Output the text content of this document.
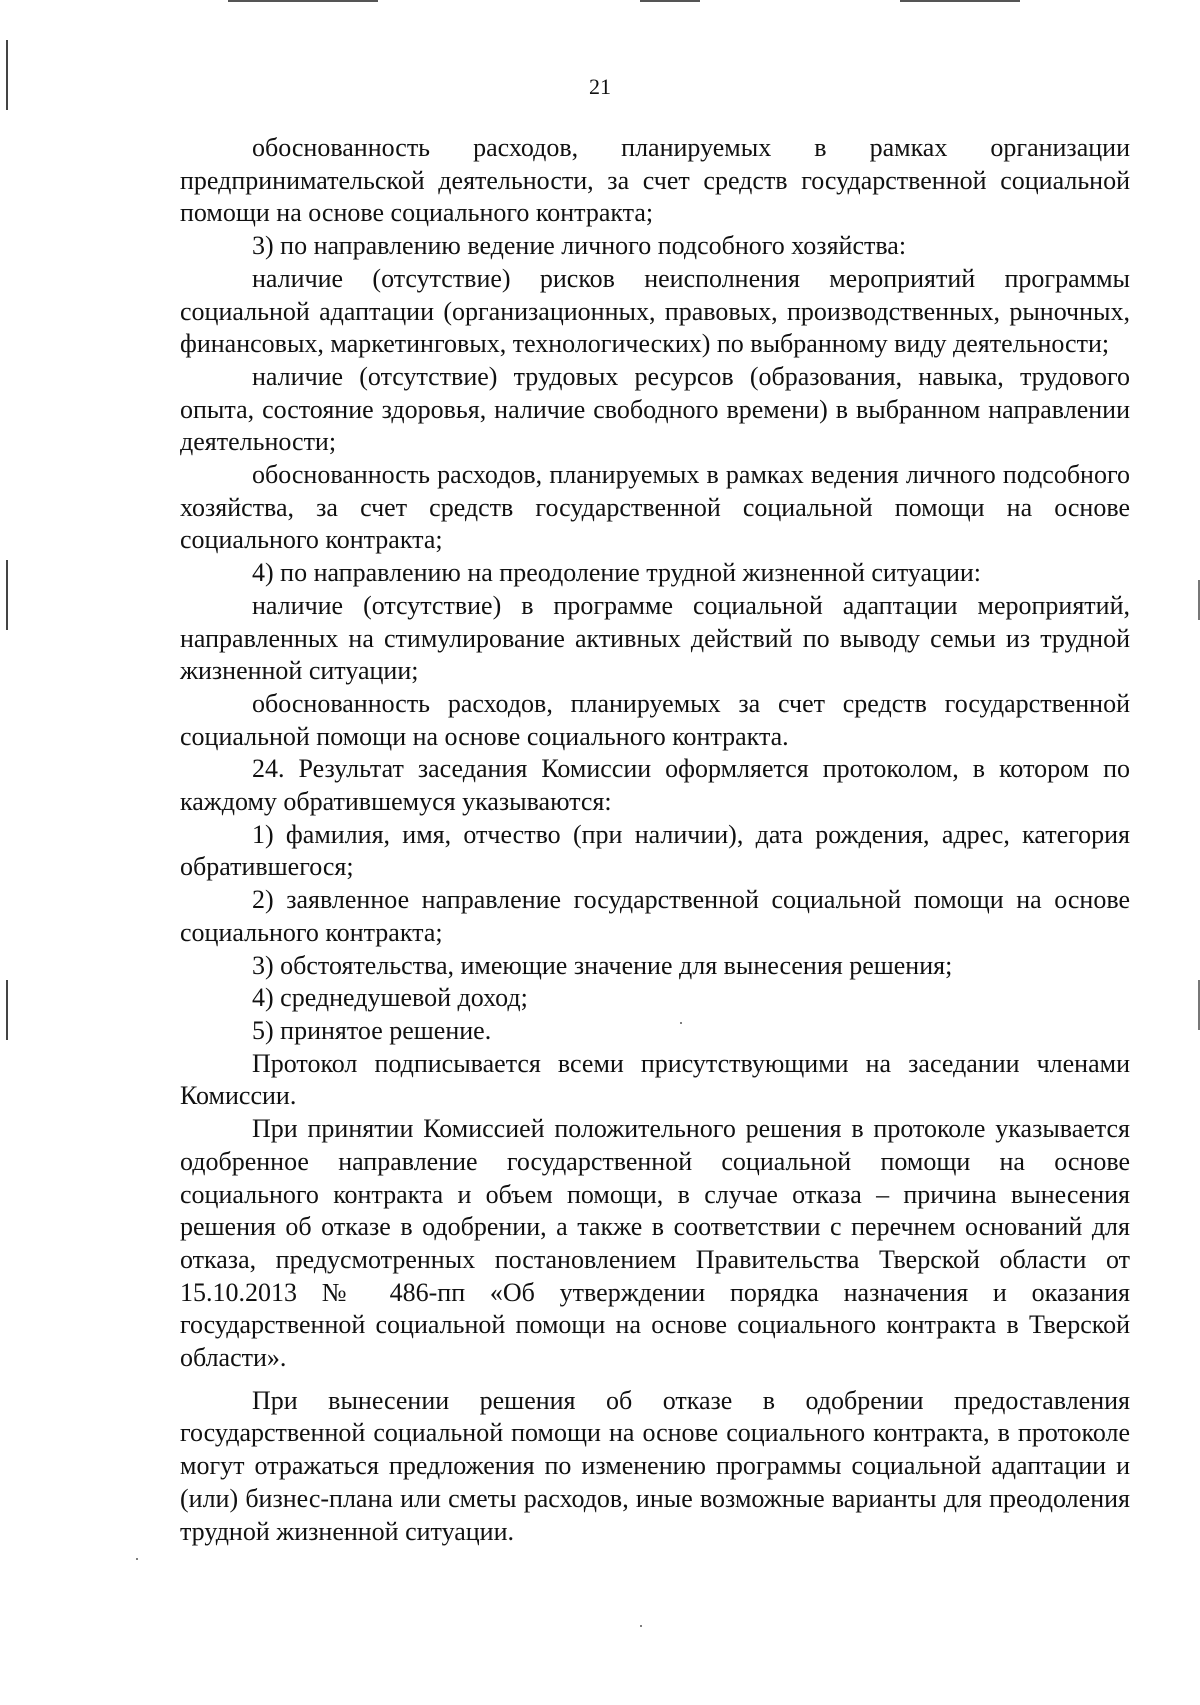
21

обоснованность расходов, планируемых в рамках организации предпринимательской деятельности, за счет средств государственной социальной помощи на основе социального контракта;

3) по направлению ведение личного подсобного хозяйства:

наличие (отсутствие) рисков неисполнения мероприятий программы социальной адаптации (организационных, правовых, производственных, рыночных, финансовых, маркетинговых, технологических) по выбранному виду деятельности;

наличие (отсутствие) трудовых ресурсов (образования, навыка, трудового опыта, состояние здоровья, наличие свободного времени) в выбранном направлении деятельности;

обоснованность расходов, планируемых в рамках ведения личного подсобного хозяйства, за счет средств государственной социальной помощи на основе социального контракта;

4) по направлению на преодоление трудной жизненной ситуации:

наличие (отсутствие) в программе социальной адаптации мероприятий, направленных на стимулирование активных действий по выводу семьи из трудной жизненной ситуации;

обоснованность расходов, планируемых за счет средств государственной социальной помощи на основе социального контракта.

24. Результат заседания Комиссии оформляется протоколом, в котором по каждому обратившемуся указываются:

1) фамилия, имя, отчество (при наличии), дата рождения, адрес, категория обратившегося;

2) заявленное направление государственной социальной помощи на основе социального контракта;

3) обстоятельства, имеющие значение для вынесения решения;

4) среднедушевой доход;

5) принятое решение.

Протокол подписывается всеми присутствующими на заседании членами Комиссии.

При принятии Комиссией положительного решения в протоколе указывается одобренное направление государственной социальной помощи на основе социального контракта и объем помощи, в случае отказа – причина вынесения решения об отказе в одобрении, а также в соответствии с перечнем оснований для отказа, предусмотренных постановлением Правительства Тверской области от 15.10.2013 № 486-пп «Об утверждении порядка назначения и оказания государственной социальной помощи на основе социального контракта в Тверской области».

При вынесении решения об отказе в одобрении предоставления государственной социальной помощи на основе социального контракта, в протоколе могут отражаться предложения по изменению программы социальной адаптации и (или) бизнес-плана или сметы расходов, иные возможные варианты для преодоления трудной жизненной ситуации.
